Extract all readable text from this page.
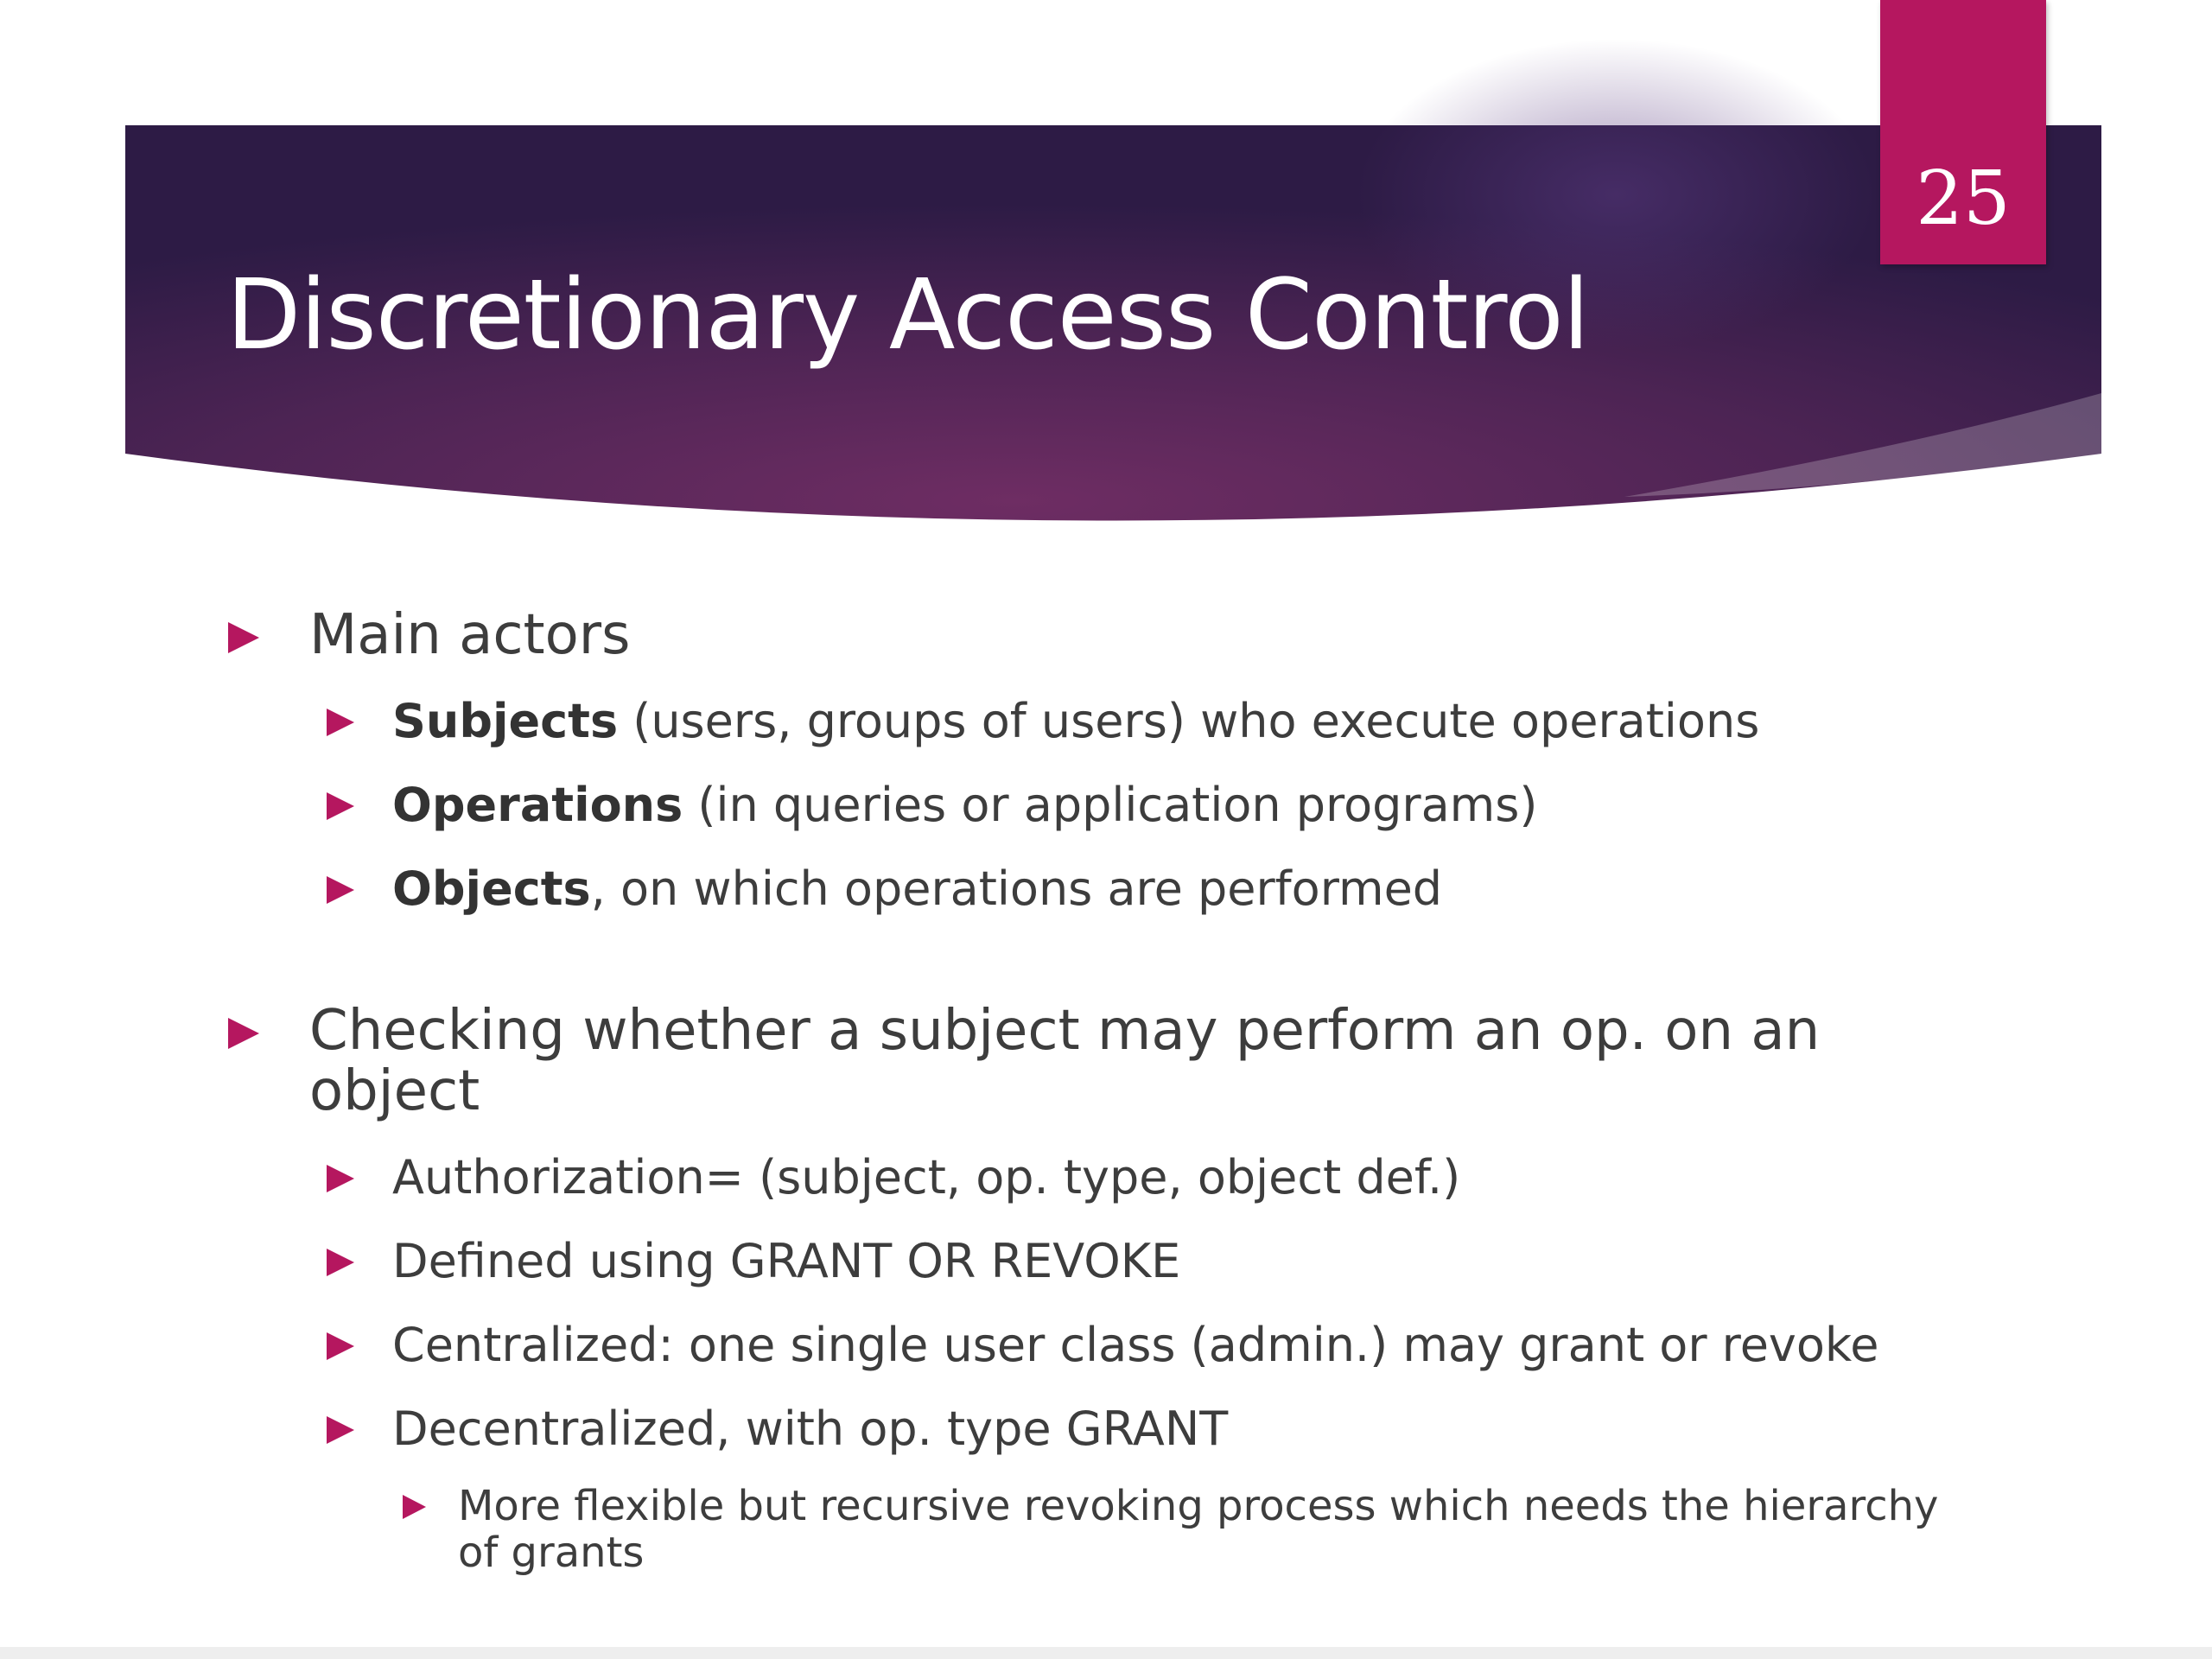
Discretionary Access Control
25
Main actors
Subjects (users, groups of users) who execute operations
Operations (in queries or application programs)
Objects, on which operations are performed
Checking whether a subject may perform an op. on an object
Authorization= (subject, op. type, object def.)
Defined using GRANT OR REVOKE
Centralized: one single user class (admin.) may grant or revoke
Decentralized, with op. type GRANT
More flexible but recursive revoking process which needs the hierarchy of grants
